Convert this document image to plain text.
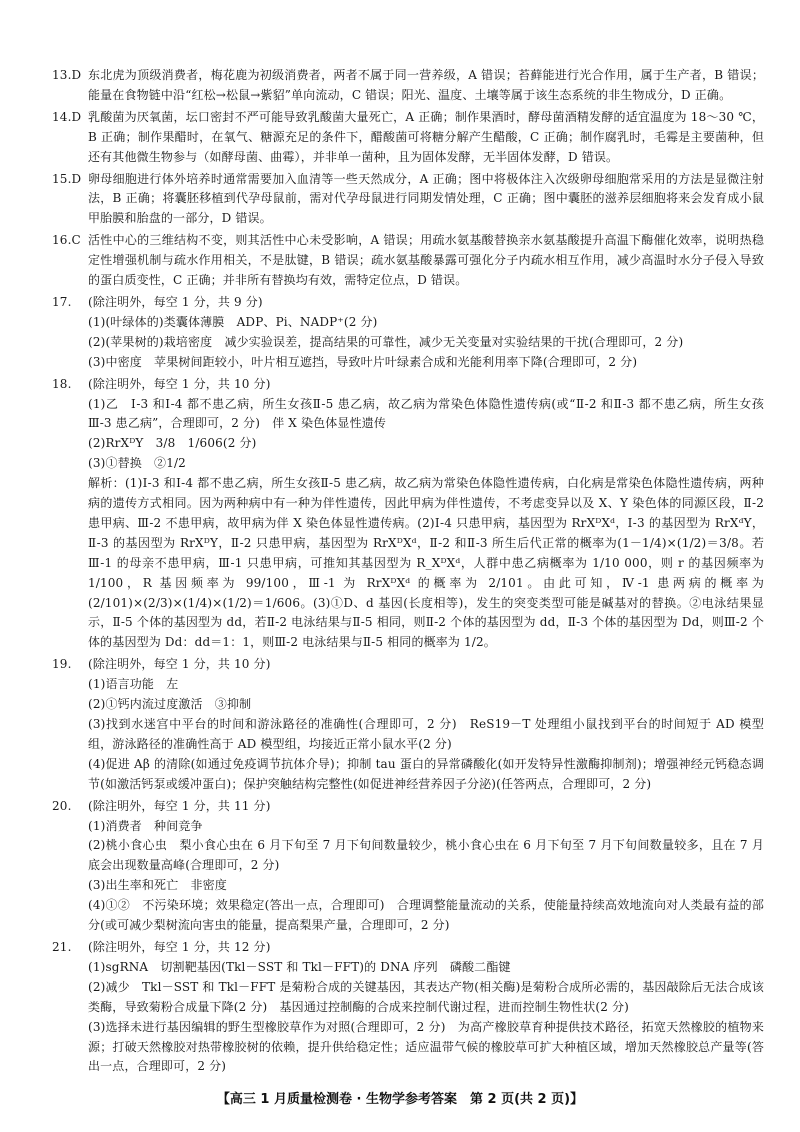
13.D 东北虎为顶级消费者，梅花鹿为初级消费者，两者不属于同一营养级，A 错误；苔藓能进行光合作用，属于生产者，B 错误；能量在食物链中沿“红松→松鼠→紫貂”单向流动，C 错误；阳光、温度、土壤等属于该生态系统的非生物成分，D 正确。
14.D 乳酸菌为厌氧菌，坛口密封不严可能导致乳酸菌大量死亡，A 正确；制作果酒时，酵母菌酒精发酵的适宜温度为 18～30 ℃，B 正确；制作果醋时，在氧气、糖源充足的条件下，醋酸菌可将糖分解产生醋酸，C 正确；制作腐乳时，毛霉是主要菌种，但还有其他微生物参与（如酵母菌、曲霉），并非单一菌种，且为固体发酵，无半固体发酵，D 错误。
15.D 卵母细胞进行体外培养时通常需要加入血清等一些天然成分，A 正确；图中将极体注入次级卵母细胞常采用的方法是显微注射法，B 正确；将囊胚移植到代孕母鼠前，需对代孕母鼠进行同期发情处理，C 正确；图中囊胚的滋养层细胞将来会发育成小鼠甲胎膜和胎盘的一部分，D 错误。
16.C 活性中心的三维结构不变，则其活性中心未受影响，A 错误；用疏水氨基酸替换亲水氨基酸提升高温下酶催化效率，说明热稳定性增强机制与疏水作用相关，不是肽键，B 错误；疏水氨基酸暴露可强化分子内疏水相互作用，减少高温时水分子侵入导致的蛋白质变性，C 正确；并非所有替换均有效，需特定位点，D 错误。
17. (除注明外，每空 1 分，共 9 分)
(1)(叶绿体的)类囊体薄膜　ADP、Pi、NADP⁺(2 分)
(2)(苹果树的)栽培密度　减少实验误差，提高结果的可靠性，减少无关变量对实验结果的干扰(合理即可，2 分)
(3)中密度　苹果树间距较小，叶片相互遮挡，导致叶片叶绿素合成和光能利用率下降(合理即可，2 分)
18. (除注明外，每空 1 分，共 10 分)
(1)乙　Ⅰ-3 和Ⅰ-4 都不患乙病，所生女孩Ⅱ-5 患乙病，故乙病为常染色体隐性遗传病(或“Ⅱ-2 和Ⅱ-3 都不患乙病，所生女孩Ⅲ-3 患乙病”，合理即可，2 分)　伴 X 染色体显性遗传
(2)RrXᴰY　3/8　1/606(2 分)
(3)①替换　②1/2
解析：(1)Ⅰ-3 和Ⅰ-4 都不患乙病，所生女孩Ⅱ-5 患乙病，故乙病为常染色体隐性遗传病，白化病是常染色体隐性遗传病，两种病的遗传方式相同。因为两种病中有一种为伴性遗传，因此甲病为伴性遗传，不考虑变异以及 X、Y 染色体的同源区段，Ⅱ-2 患甲病、Ⅲ-2 不患甲病，故甲病为伴 X 染色体显性遗传病。(2)Ⅰ-4 只患甲病，基因型为 RrXᴰXᵈ，Ⅰ-3 的基因型为 RrXᵈY，Ⅱ-3 的基因型为 RrXᴰY，Ⅱ-2 只患甲病，基因型为 RrXᴰXᵈ，Ⅱ-2 和Ⅱ-3 所生后代正常的概率为(1－1/4)×(1/2)＝3/8。若Ⅲ-1 的母亲不患甲病，Ⅲ-1 只患甲病，可推知其基因型为 R_XᴰXᵈ，人群中患乙病概率为 1/10 000，则 r 的基因频率为 1/100，R 基因频率为 99/100，Ⅲ-1 为 RrXᴰXᵈ 的概率为 2/101。由此可知，Ⅳ-1 患两病的概率为(2/101)×(2/3)×(1/4)×(1/2)＝1/606。(3)①D、d 基因(长度相等)，发生的突变类型可能是碱基对的替换。②电泳结果显示，Ⅱ-5 个体的基因型为 dd，若Ⅱ-2 电泳结果与Ⅱ-5 相同，则Ⅱ-2 个体的基因型为 dd，Ⅱ-3 个体的基因型为 Dd，则Ⅲ-2 个体的基因型为 Dd：dd＝1：1，则Ⅲ-2 电泳结果与Ⅱ-5 相同的概率为 1/2。
19. (除注明外，每空 1 分，共 10 分)
(1)语言功能　左
(2)①钙内流过度激活　③抑制
(3)找到水迷宫中平台的时间和游泳路径的准确性(合理即可，2 分)　ReS19－T 处理组小鼠找到平台的时间短于 AD 模型组，游泳路径的准确性高于 AD 模型组，均接近正常小鼠水平(2 分)
(4)促进 Aβ 的清除(如通过免疫调节抗体介导)；抑制 tau 蛋白的异常磷酸化(如开发特异性激酶抑制剂)；增强神经元钙稳态调节(如激活钙泵或缓冲蛋白)；保护突触结构完整性(如促进神经营养因子分泌)(任答两点，合理即可，2 分)
20. (除注明外，每空 1 分，共 11 分)
(1)消费者　种间竞争
(2)桃小食心虫　梨小食心虫在 6 月下旬至 7 月下旬间数量较少，桃小食心虫在 6 月下旬至 7 月下旬间数量较多，且在 7 月底会出现数量高峰(合理即可，2 分)
(3)出生率和死亡　非密度
(4)①②　不污染环境；效果稳定(答出一点，合理即可)　合理调整能量流动的关系，使能量持续高效地流向对人类最有益的部分(或可减少梨树流向害虫的能量，提高梨果产量，合理即可，2 分)
21. (除注明外，每空 1 分，共 12 分)
(1)sgRNA　切割靶基因(Tkl－SST 和 Tkl－FFT)的 DNA 序列　磷酸二酯键
(2)减少　Tkl－SST 和 Tkl－FFT 是菊粉合成的关键基因，其表达产物(相关酶)是菊粉合成所必需的，基因敲除后无法合成该类酶，导致菊粉合成量下降(2 分)　基因通过控制酶的合成来控制代谢过程，进而控制生物性状(2 分)
(3)选择未进行基因编辑的野生型橡胶草作为对照(合理即可，2 分)　为高产橡胶草育种提供技术路径，拓宽天然橡胶的植物来源；打破天然橡胶对热带橡胶树的依赖，提升供给稳定性；适应温带气候的橡胶草可扩大种植区域，增加天然橡胶总产量等(答出一点，合理即可，2 分)
【高三 1 月质量检测卷 · 生物学参考答案　第 2 页(共 2 页)】
